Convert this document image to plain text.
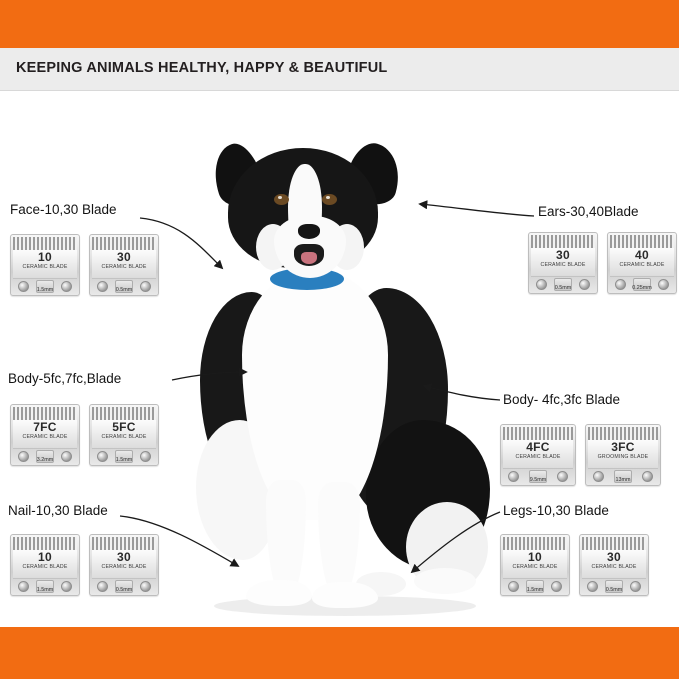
KEEPING ANIMALS HEALTHY, HAPPY & BEAUTIFUL
Face-10,30 Blade
10
CERAMIC BLADE
1.5mm
30
CERAMIC BLADE
0.5mm
Ears-30,40Blade
30
CERAMIC BLADE
0.5mm
40
CERAMIC BLADE
0.25mm
Body-5fc,7fc,Blade
7FC
CERAMIC BLADE
3.2mm
5FC
CERAMIC BLADE
1.5mm
Body- 4fc,3fc Blade
4FC
CERAMIC BLADE
9.5mm
3FC
GROOMING BLADE
13mm
Nail-10,30 Blade
10
CERAMIC BLADE
1.5mm
30
CERAMIC BLADE
0.5mm
Legs-10,30 Blade
10
CERAMIC BLADE
1.5mm
30
CERAMIC BLADE
0.5mm
